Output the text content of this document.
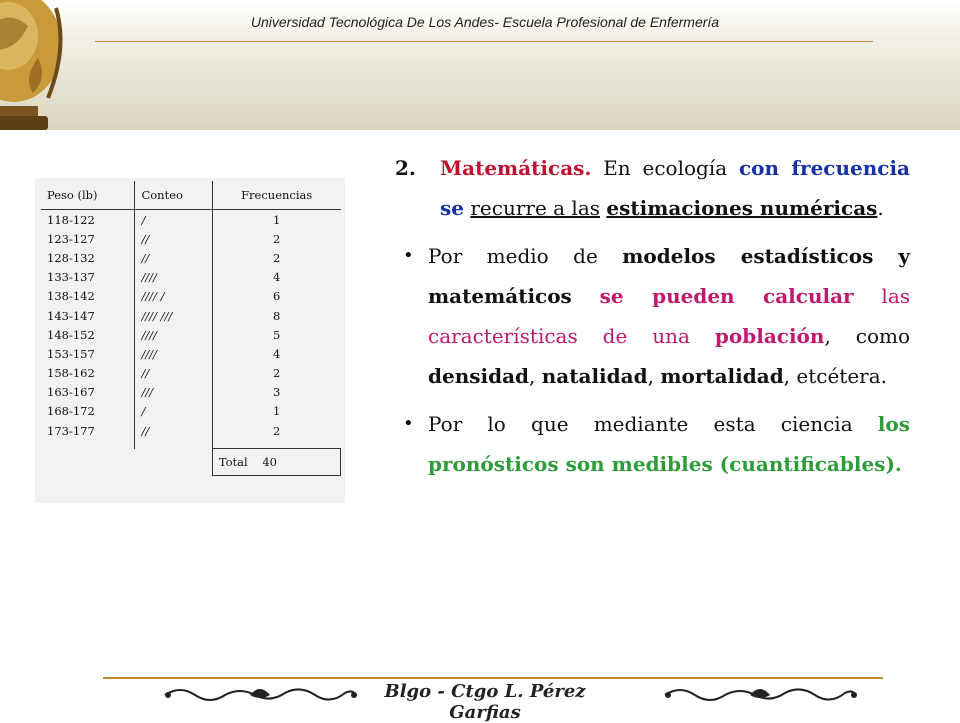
Universidad Tecnológica De Los Andes- Escuela Profesional de Enfermería
Peso (lb)	Conteo	Frecuencias
118-122	/	1
123-127	//	2
128-132	//	2
133-137	////	4
138-142	//// /	6
143-147	//// ///	8
148-152	////	5
153-157	////	4
158-162	//	2
163-167	///	3
168-172	/	1
173-177	//	2
		Total 40
2. Matemáticas. En ecología con frecuencia se recurre a las estimaciones numéricas.
• Por medio de modelos estadísticos y matemáticos se pueden calcular las características de una población, como densidad, natalidad, mortalidad, etcétera.
• Por lo que mediante esta ciencia los pronósticos son medibles (cuantificables).
Blgo - Ctgo L. Pérez Garfias
